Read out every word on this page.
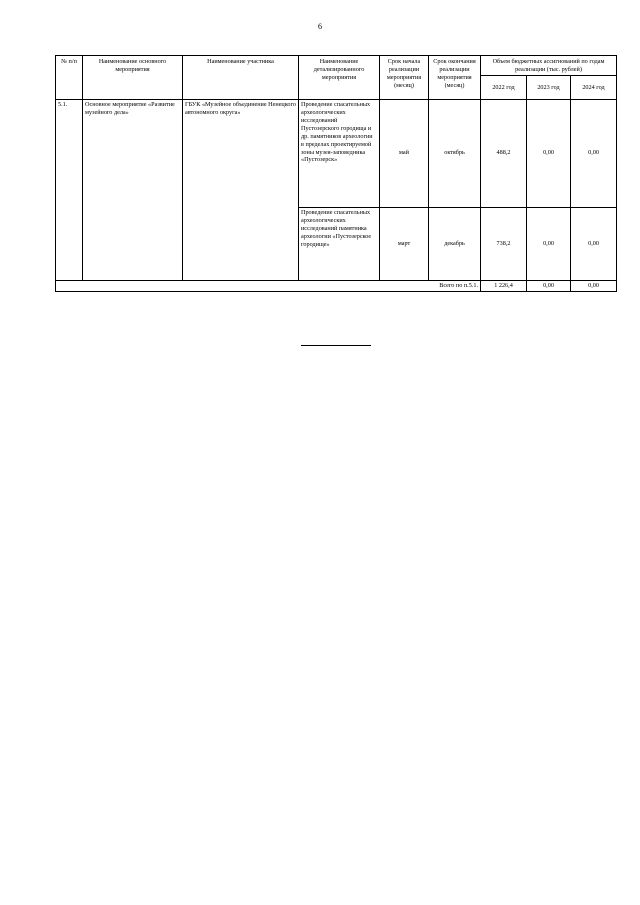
6
№ п/п	Наименование основного мероприятия	Наименование участника	Наименование детализированного мероприятия	Срок начала реализации мероприятия (месяц)	Срок окончания реализации мероприятия (месяц)	Объем бюджетных ассигнований по годам реализации (тыс. рублей)		
						2022 год	2023 год	2024 год
5.1.	Основное мероприятие «Развитие музейного дела»	ГБУК «Музейное объединение Ненецкого автономного округа»	Проведение спасательных археологических исследований Пустозерского городища и др. памятников археологии в пределах проектируемой зоны музея-заповедника «Пустозерск»	май	октябрь	488,2	0,00	0,00
			Проведение спасательных археологических исследований памятника археологии «Пустозерское городище»	март	декабрь	738,2	0,00	0,00
Всего по п.5.1.						1 226,4	0,00	0,00
